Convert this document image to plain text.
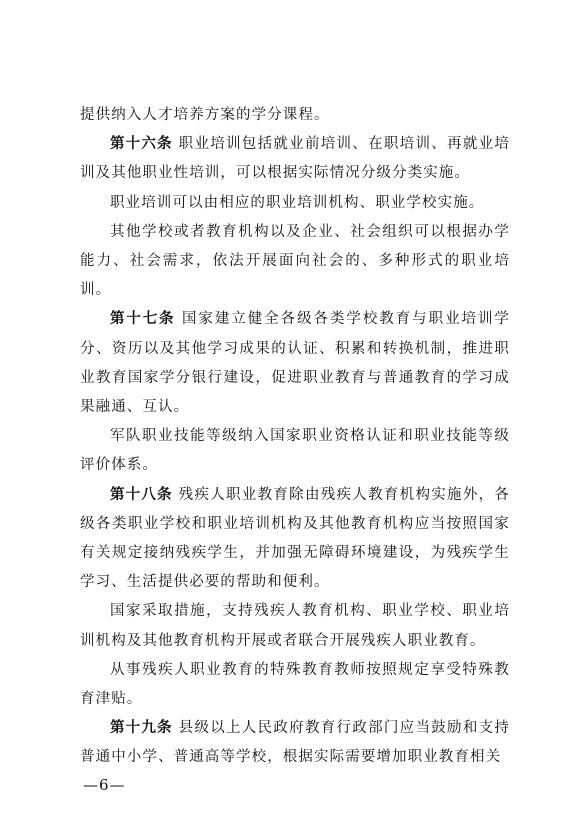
提供纳入人才培养方案的学分课程。

第十六条 职业培训包括就业前培训、在职培训、再就业培训及其他职业性培训，可以根据实际情况分级分类实施。

职业培训可以由相应的职业培训机构、职业学校实施。

其他学校或者教育机构以及企业、社会组织可以根据办学能力、社会需求，依法开展面向社会的、多种形式的职业培训。

第十七条 国家建立健全各级各类学校教育与职业培训学分、资历以及其他学习成果的认证、积累和转换机制，推进职业教育国家学分银行建设，促进职业教育与普通教育的学习成果融通、互认。

军队职业技能等级纳入国家职业资格认证和职业技能等级评价体系。

第十八条 残疾人职业教育除由残疾人教育机构实施外，各级各类职业学校和职业培训机构及其他教育机构应当按照国家有关规定接纳残疾学生，并加强无障碍环境建设，为残疾学生学习、生活提供必要的帮助和便利。

国家采取措施，支持残疾人教育机构、职业学校、职业培训机构及其他教育机构开展或者联合开展残疾人职业教育。

从事残疾人职业教育的特殊教育教师按照规定享受特殊教育津贴。

第十九条 县级以上人民政府教育行政部门应当鼓励和支持普通中小学、普通高等学校，根据实际需要增加职业教育相关

—6—
